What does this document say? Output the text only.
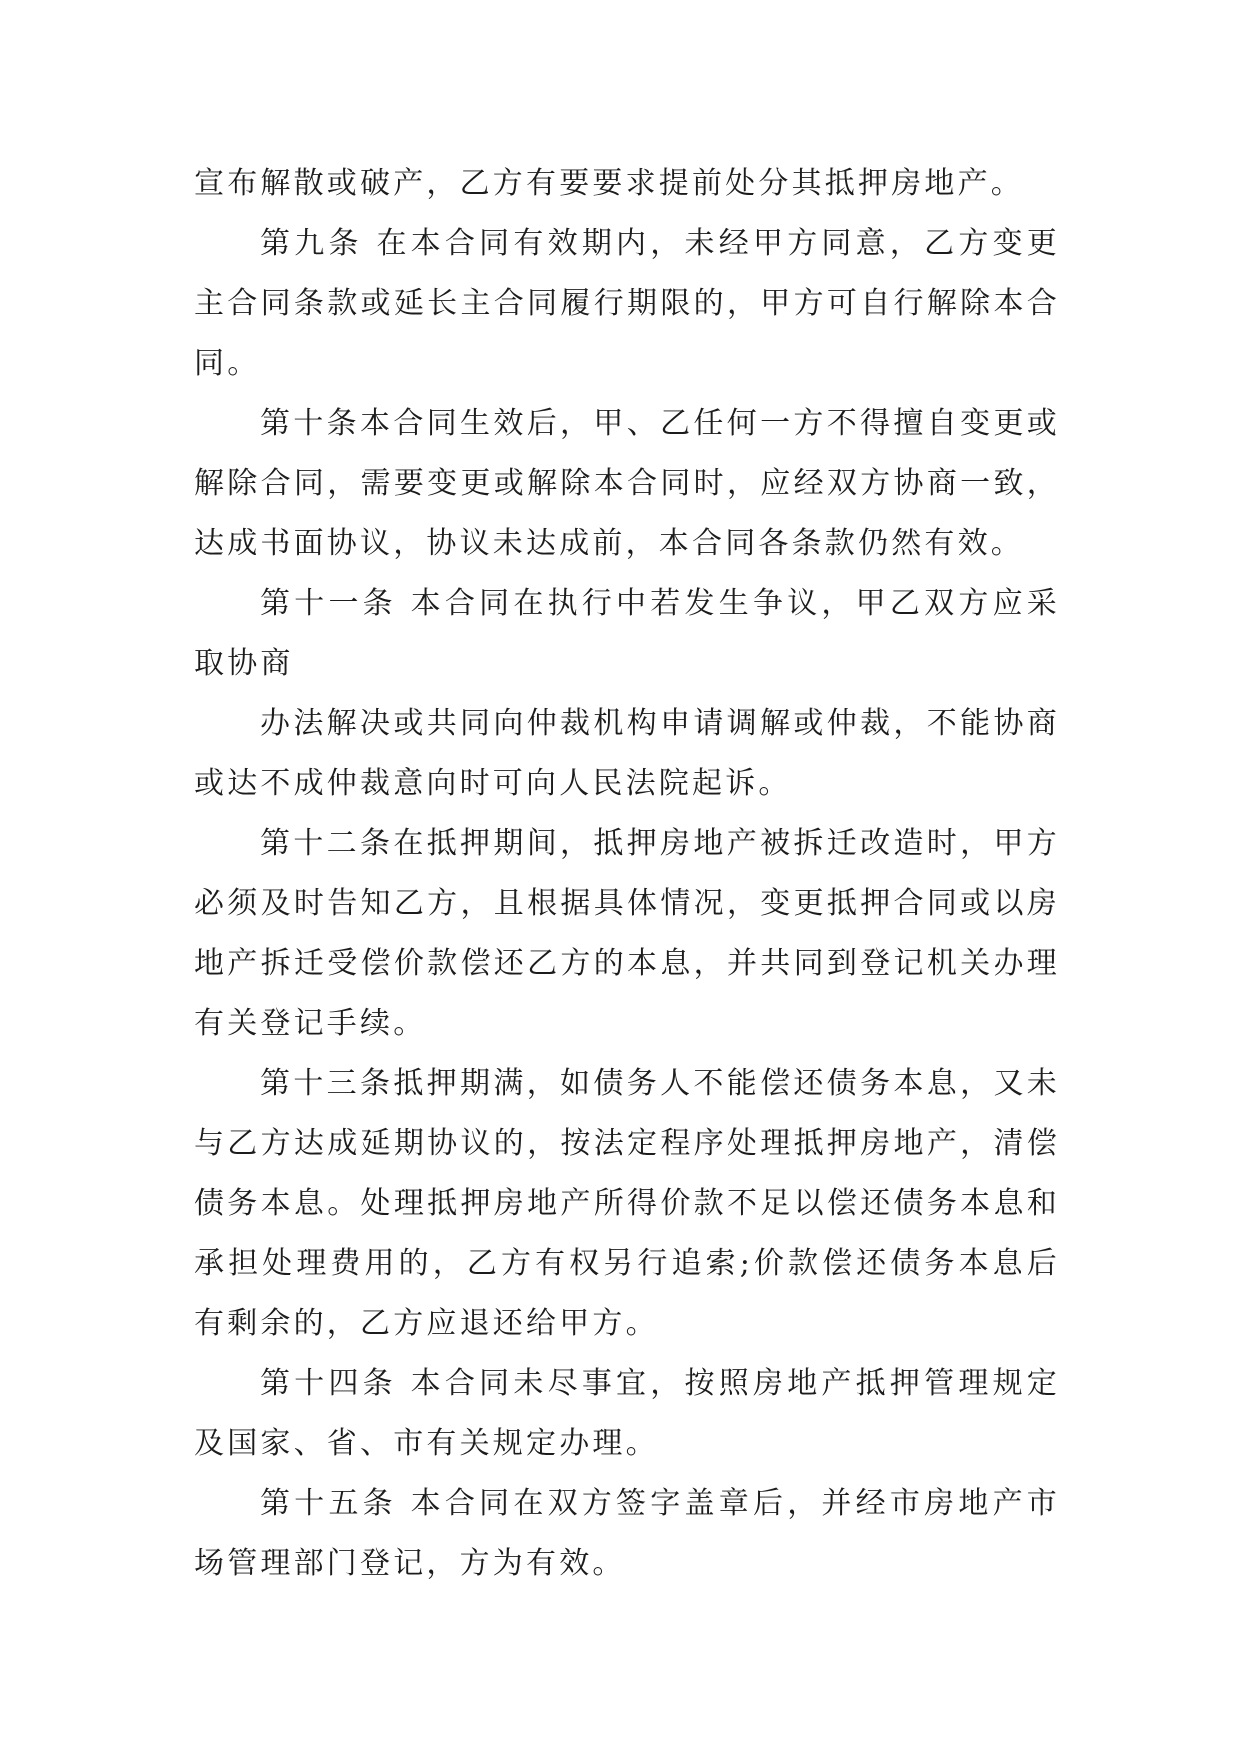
宣布解散或破产，乙方有要要求提前处分其抵押房地产。
第九条 在本合同有效期内，未经甲方同意，乙方变更
主合同条款或延长主合同履行期限的，甲方可自行解除本合
同。
第十条本合同生效后，甲、乙任何一方不得擅自变更或
解除合同，需要变更或解除本合同时，应经双方协商一致，
达成书面协议，协议未达成前，本合同各条款仍然有效。
第十一条 本合同在执行中若发生争议，甲乙双方应采
取协商
办法解决或共同向仲裁机构申请调解或仲裁，不能协商
或达不成仲裁意向时可向人民法院起诉。
第十二条在抵押期间，抵押房地产被拆迁改造时，甲方
必须及时告知乙方，且根据具体情况，变更抵押合同或以房
地产拆迁受偿价款偿还乙方的本息，并共同到登记机关办理
有关登记手续。
第十三条抵押期满，如债务人不能偿还债务本息，又未
与乙方达成延期协议的，按法定程序处理抵押房地产，清偿
债务本息。处理抵押房地产所得价款不足以偿还债务本息和
承担处理费用的，乙方有权另行追索;价款偿还债务本息后
有剩余的，乙方应退还给甲方。
第十四条 本合同未尽事宜，按照房地产抵押管理规定
及国家、省、市有关规定办理。
第十五条 本合同在双方签字盖章后，并经市房地产市
场管理部门登记，方为有效。
